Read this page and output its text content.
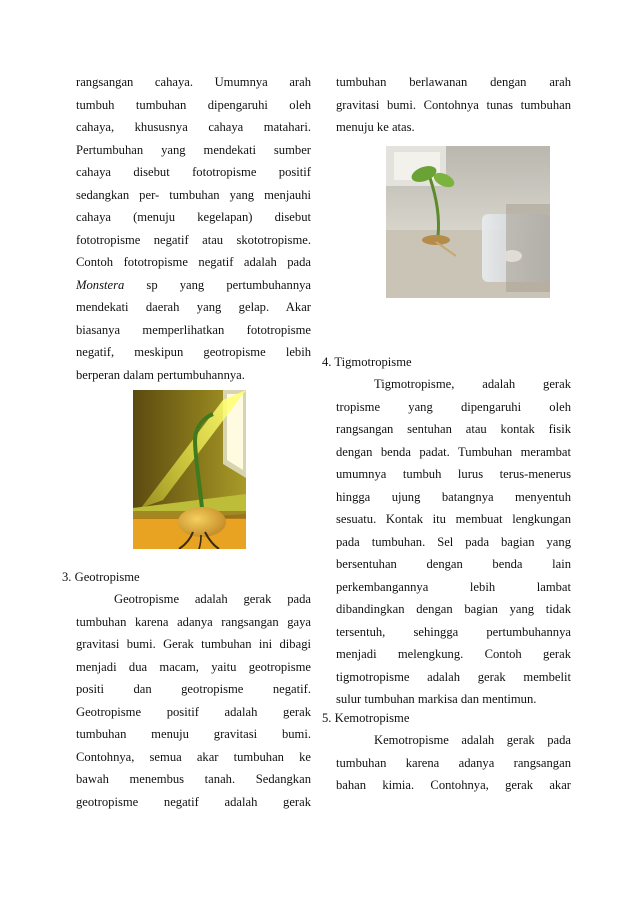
rangsangan cahaya. Umumnya arah

tumbuh tumbuhan dipengaruhi oleh

cahaya, khususnya cahaya matahari.

Pertumbuhan yang mendekati sumber

cahaya disebut fototropisme positif

sedangkan per- tumbuhan yang menjauhi

cahaya (menuju kegelapan) disebut

fototropisme negatif atau skototropisme.

Contoh fototropisme negatif adalah pada

Monstera sp yang pertumbuhannya

mendekati daerah yang gelap. Akar

biasanya memperlihatkan fototropisme

negatif, meskipun geotropisme lebih

berperan dalam pertumbuhannya.

3. Geotropisme

Geotropisme adalah gerak pada

tumbuhan karena adanya rangsangan gaya

gravitasi bumi. Gerak tumbuhan ini dibagi

menjadi dua macam, yaitu geotropisme

positi dan geotropisme negatif.

Geotropisme positif adalah gerak

tumbuhan menuju gravitasi bumi.

Contohnya, semua akar tumbuhan ke

bawah menembus tanah. Sedangkan

geotropisme negatif adalah gerak

tumbuhan berlawanan dengan arah

gravitasi bumi. Contohnya tunas tumbuhan

menuju ke atas.

4. Tigmotropisme

Tigmotropisme, adalah gerak

tropisme yang dipengaruhi oleh

rangsangan sentuhan atau kontak fisik

dengan benda padat. Tumbuhan merambat

umumnya tumbuh lurus terus-menerus

hingga ujung batangnya menyentuh

sesuatu. Kontak itu membuat lengkungan

pada tumbuhan. Sel pada bagian yang

bersentuhan dengan benda lain

perkembangannya lebih lambat

dibandingkan dengan bagian yang tidak

tersentuh, sehingga pertumbuhannya

menjadi melengkung. Contoh gerak

tigmotropisme adalah gerak membelit

sulur tumbuhan markisa dan mentimun.

5. Kemotropisme

Kemotropisme adalah gerak pada

tumbuhan karena adanya rangsangan

bahan kimia. Contohnya, gerak akar
